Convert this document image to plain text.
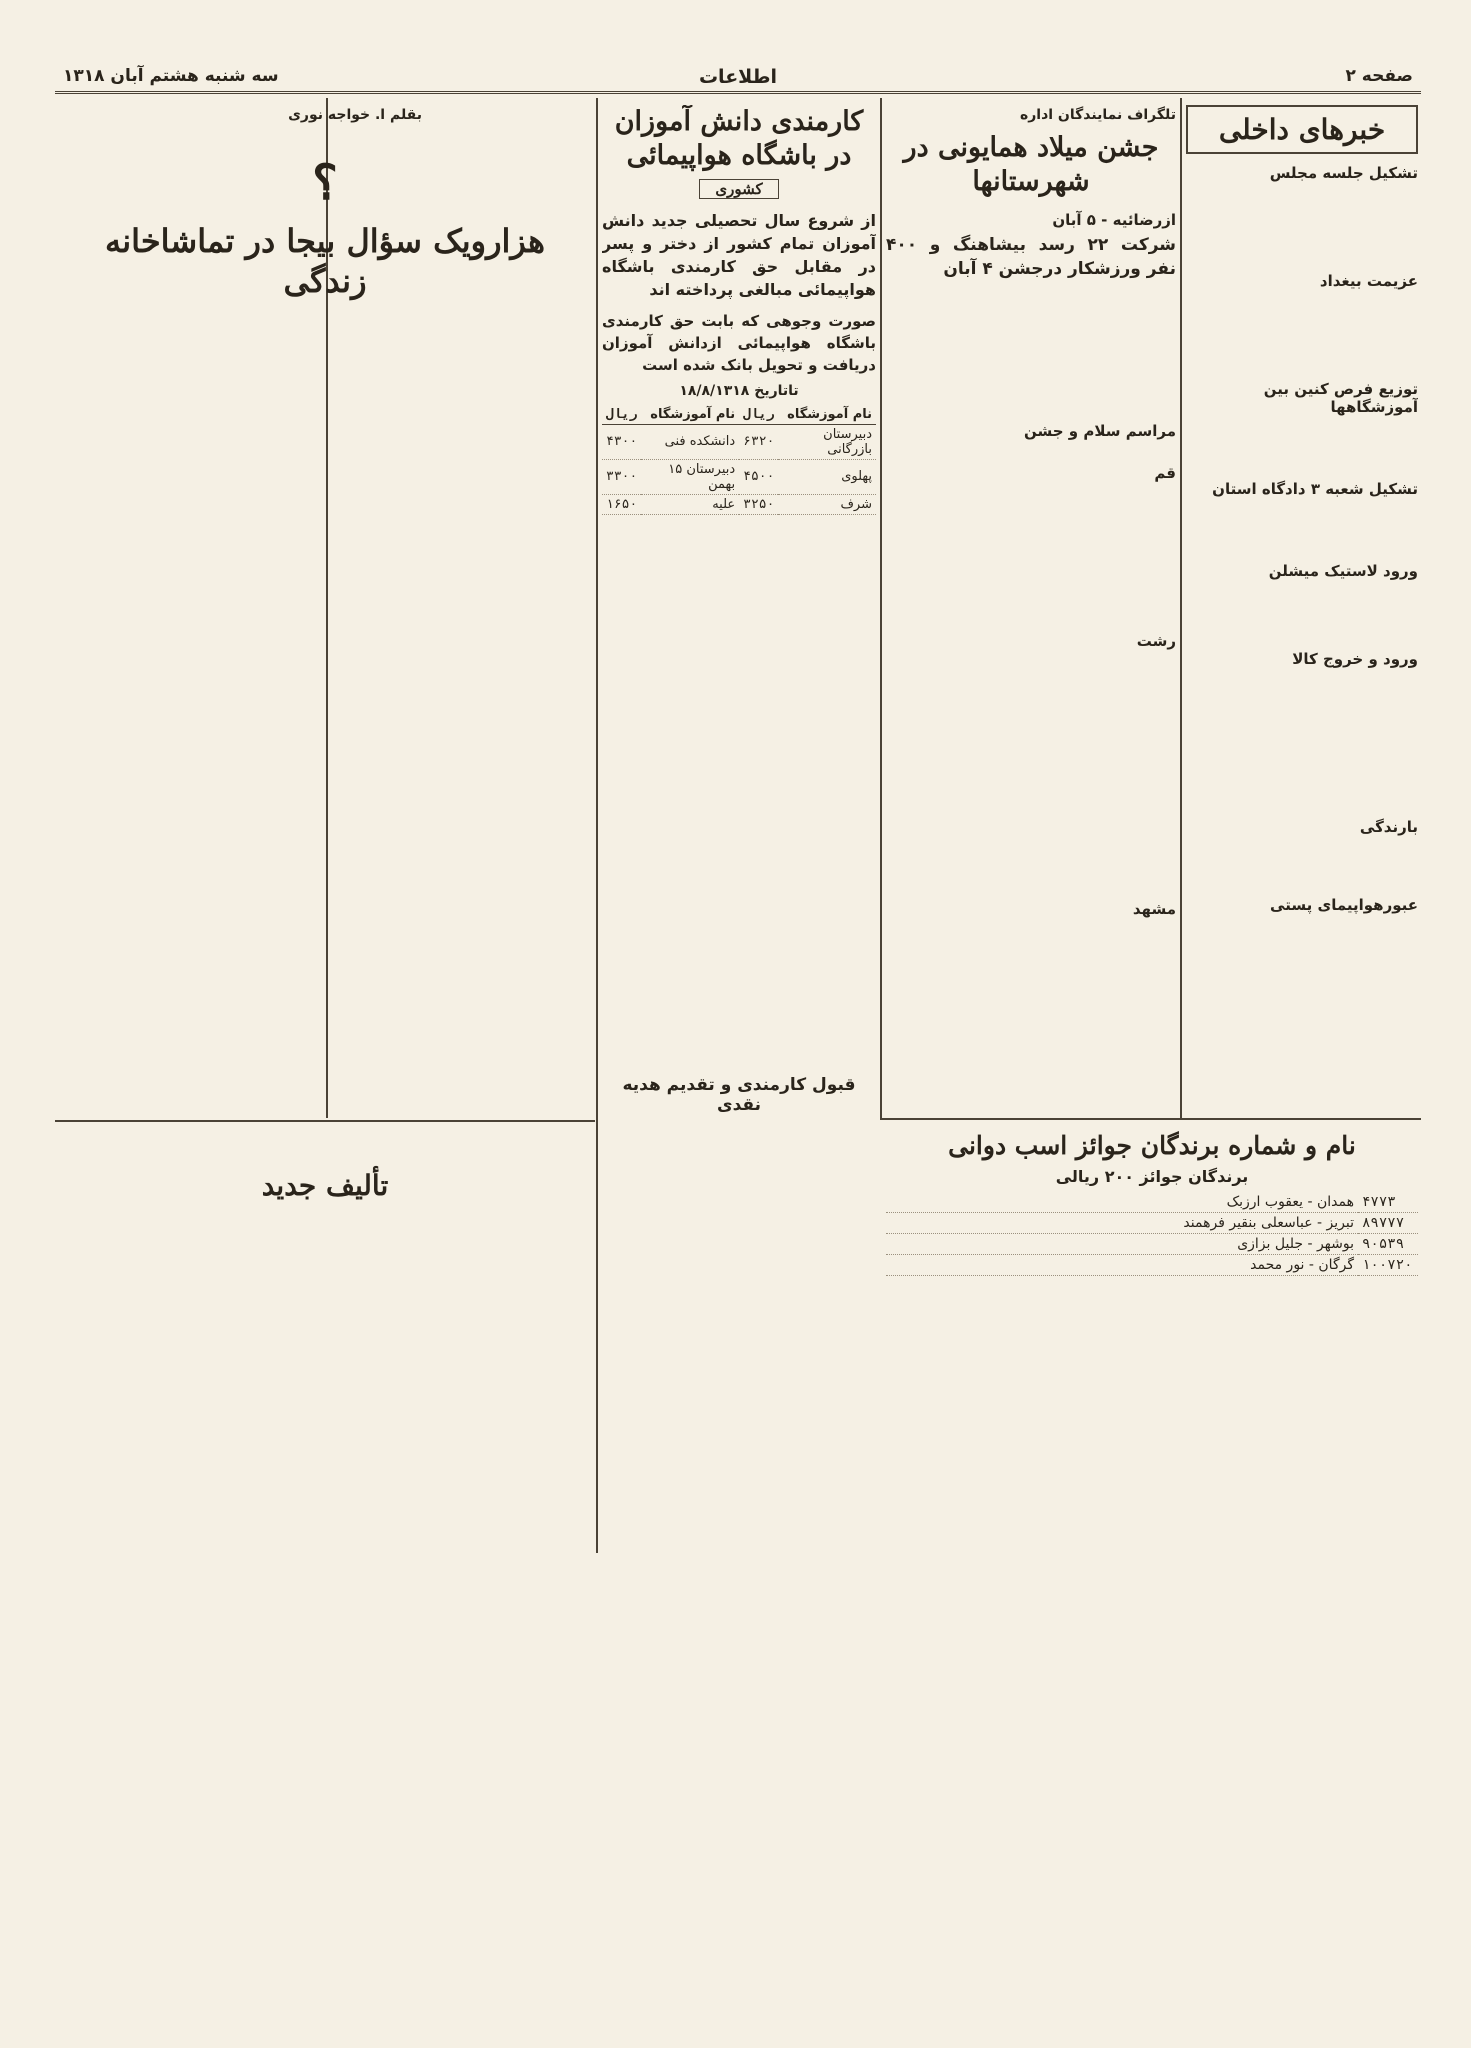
صفحه ۲
اطلاعات
سه شنبه هشتم آبان ۱۳۱۸
خبرهای داخلی
تشکیل جلسه مجلس
عزیمت بیغداد
توزیع فرص کنین بین آموزشگاهها
تشکیل شعبه ۳ دادگاه استان
ورود لاستیک میشلن
ورود و خروج کالا
بارندگی
عبورهواپیمای پستی
تلگراف نمایندگان اداره
جشن میلاد همایونی در شهرستانها
ازرضائیه - ۵ آبان
شرکت ۲۲ رسد بیشاهنگ و ۴۰۰ نفر ورزشکار درجشن ۴ آبان
مراسم سلام و جشن
قم
رشت
مشهد
کارمندی دانش آموزان در باشگاه هواپیمائی
کشوری
از شروع سال تحصیلی جدید دانش آموزان تمام کشور از دختر و پسر در مقابل حق کارمندی باشگاه هواپیمائی مبالغی پرداخته اند
صورت وجوهی که بابت حق کارمندی باشگاه هواپیمائی ازدانش آموزان دریافت و تحویل بانک شده است
تاتاریخ ۱۸/۸/۱۳۱۸
نام آموزشگاه	ریال	نام آموزشگاه	ریال
دبیرستان بازرگانی	۶۳۲۰	دانشکده فنی	۴۳۰۰
پهلوی	۴۵۰۰	دبیرستان ۱۵ بهمن	۳۳۰۰
شرف	۳۲۵۰	علیه	۱۶۵۰
قبول کارمندی و تقدیم هدیه نقدی
بقلم ا. خواجه نوری
؟
هزارویک سؤال بیجا در تماشاخانه زندگی
نام و شماره برندگان جوائز اسب دوانی
برندگان جوائز ۲۰۰ ریالی
۴۷۷۳	همدان - یعقوب ارزبک
۸۹۷۷۷	تبریز - عباسعلی بنقیر فرهمند
۹۰۵۳۹	بوشهر - جلیل بزازی
۱۰۰۷۲۰	گرگان - نور محمد
تألیف جدید
